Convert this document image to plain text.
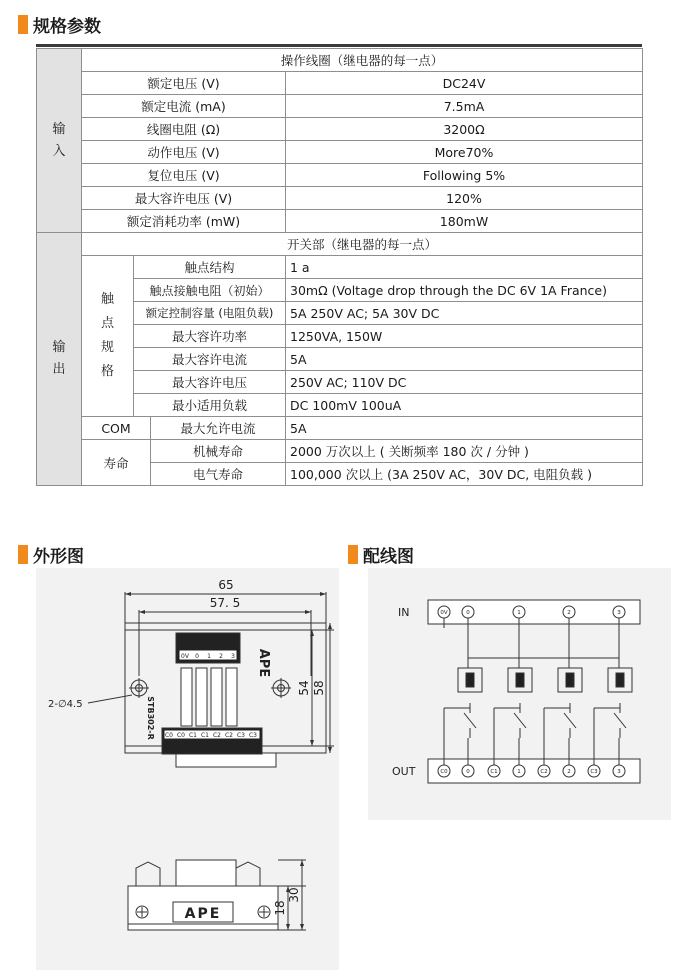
规格参数
输
入	操作线圈（继电器的每一点）			
	额定电压 (V)			DC24V
	额定电流 (mA)			7.5mA
	线圈电阻 (Ω)			3200Ω
	动作电压 (V)			More70%
	复位电压 (V)			Following 5%
	最大容许电压 (V)			120%
	额定消耗功率 (mW)			180mW

输
出	开关部（继电器的每一点）			

	触
点
规
格	触点结构		1 a
		触点接触电阻（初始）		30mΩ (Voltage drop through the DC 6V 1A France)
		额定控制容量 (电阻负载)		5A 250V AC; 5A 30V DC
		最大容许功率		1250VA, 150W
		最大容许电流		5A
		最大容许电压		250V AC; 110V DC
		最小适用负载		DC 100mV 100uA
	COM		最大允许电流	5A
	寿命		机械寿命	2000 万次以上 ( 关断频率 180 次 / 分钟 )
			电气寿命	100,000 次以上 (3A 250V AC，30V DC, 电阻负载 )
外形图	配线图
65
57. 5
2-∅4.5
54 58
APE
STB302-R
0V 0 1 2 3
C0 C0 C1 C1 C2 C2 C3 C3
APE	18
30
IN
OUT
0V	0	1	2	3
C0	0	C1	1	C2	2	C3	3
